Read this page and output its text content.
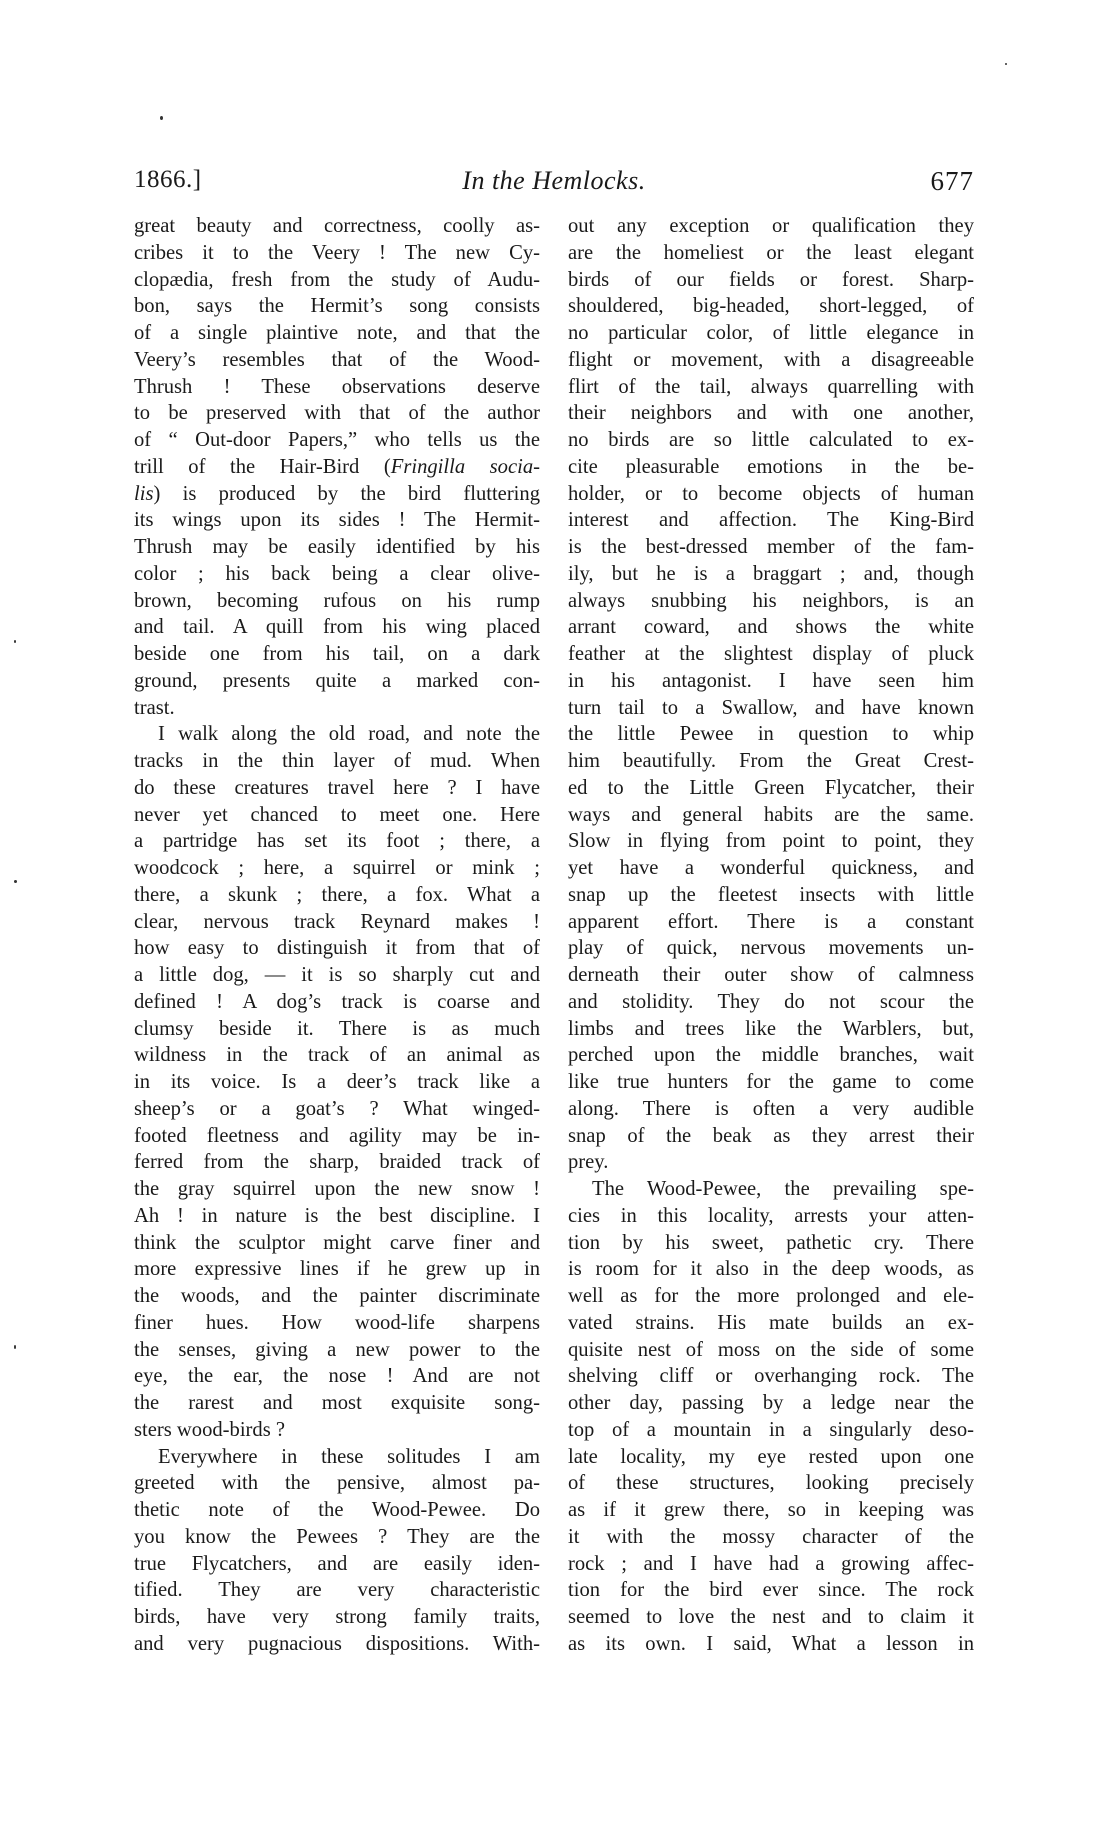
1866.]	In the Hemlocks.	677
great beauty and correctness, coolly as-
cribes it to the Veery ! The new Cy-
clopædia, fresh from the study of Audu-
bon, says the Hermit’s song consists
of a single plaintive note, and that the
Veery’s resembles that of the Wood-
Thrush ! These observations deserve
to be preserved with that of the author
of “ Out-door Papers,” who tells us the
trill of the Hair-Bird (Fringilla socia-
lis) is produced by the bird fluttering
its wings upon its sides ! The Hermit-
Thrush may be easily identified by his
color ; his back being a clear olive-
brown, becoming rufous on his rump
and tail. A quill from his wing placed
beside one from his tail, on a dark
ground, presents quite a marked con-
trast.
I walk along the old road, and note the
tracks in the thin layer of mud. When
do these creatures travel here ? I have
never yet chanced to meet one. Here
a partridge has set its foot ; there, a
woodcock ; here, a squirrel or mink ;
there, a skunk ; there, a fox. What a
clear, nervous track Reynard makes !
how easy to distinguish it from that of
a little dog, — it is so sharply cut and
defined ! A dog’s track is coarse and
clumsy beside it. There is as much
wildness in the track of an animal as
in its voice. Is a deer’s track like a
sheep’s or a goat’s ? What winged-
footed fleetness and agility may be in-
ferred from the sharp, braided track of
the gray squirrel upon the new snow !
Ah ! in nature is the best discipline. I
think the sculptor might carve finer and
more expressive lines if he grew up in
the woods, and the painter discriminate
finer hues. How wood-life sharpens
the senses, giving a new power to the
eye, the ear, the nose ! And are not
the rarest and most exquisite song-
sters wood-birds ?
Everywhere in these solitudes I am
greeted with the pensive, almost pa-
thetic note of the Wood-Pewee. Do
you know the Pewees ? They are the
true Flycatchers, and are easily iden-
tified. They are very characteristic
birds, have very strong family traits,
and very pugnacious dispositions. With-
out any exception or qualification they
are the homeliest or the least elegant
birds of our fields or forest. Sharp-
shouldered, big-headed, short-legged, of
no particular color, of little elegance in
flight or movement, with a disagreeable
flirt of the tail, always quarrelling with
their neighbors and with one another,
no birds are so little calculated to ex-
cite pleasurable emotions in the be-
holder, or to become objects of human
interest and affection. The King-Bird
is the best-dressed member of the fam-
ily, but he is a braggart ; and, though
always snubbing his neighbors, is an
arrant coward, and shows the white
feather at the slightest display of pluck
in his antagonist. I have seen him
turn tail to a Swallow, and have known
the little Pewee in question to whip
him beautifully. From the Great Crest-
ed to the Little Green Flycatcher, their
ways and general habits are the same.
Slow in flying from point to point, they
yet have a wonderful quickness, and
snap up the fleetest insects with little
apparent effort. There is a constant
play of quick, nervous movements un-
derneath their outer show of calmness
and stolidity. They do not scour the
limbs and trees like the Warblers, but,
perched upon the middle branches, wait
like true hunters for the game to come
along. There is often a very audible
snap of the beak as they arrest their
prey.
The Wood-Pewee, the prevailing spe-
cies in this locality, arrests your atten-
tion by his sweet, pathetic cry. There
is room for it also in the deep woods, as
well as for the more prolonged and ele-
vated strains. His mate builds an ex-
quisite nest of moss on the side of some
shelving cliff or overhanging rock. The
other day, passing by a ledge near the
top of a mountain in a singularly deso-
late locality, my eye rested upon one
of these structures, looking precisely
as if it grew there, so in keeping was
it with the mossy character of the
rock ; and I have had a growing affec-
tion for the bird ever since. The rock
seemed to love the nest and to claim it
as its own. I said, What a lesson in
